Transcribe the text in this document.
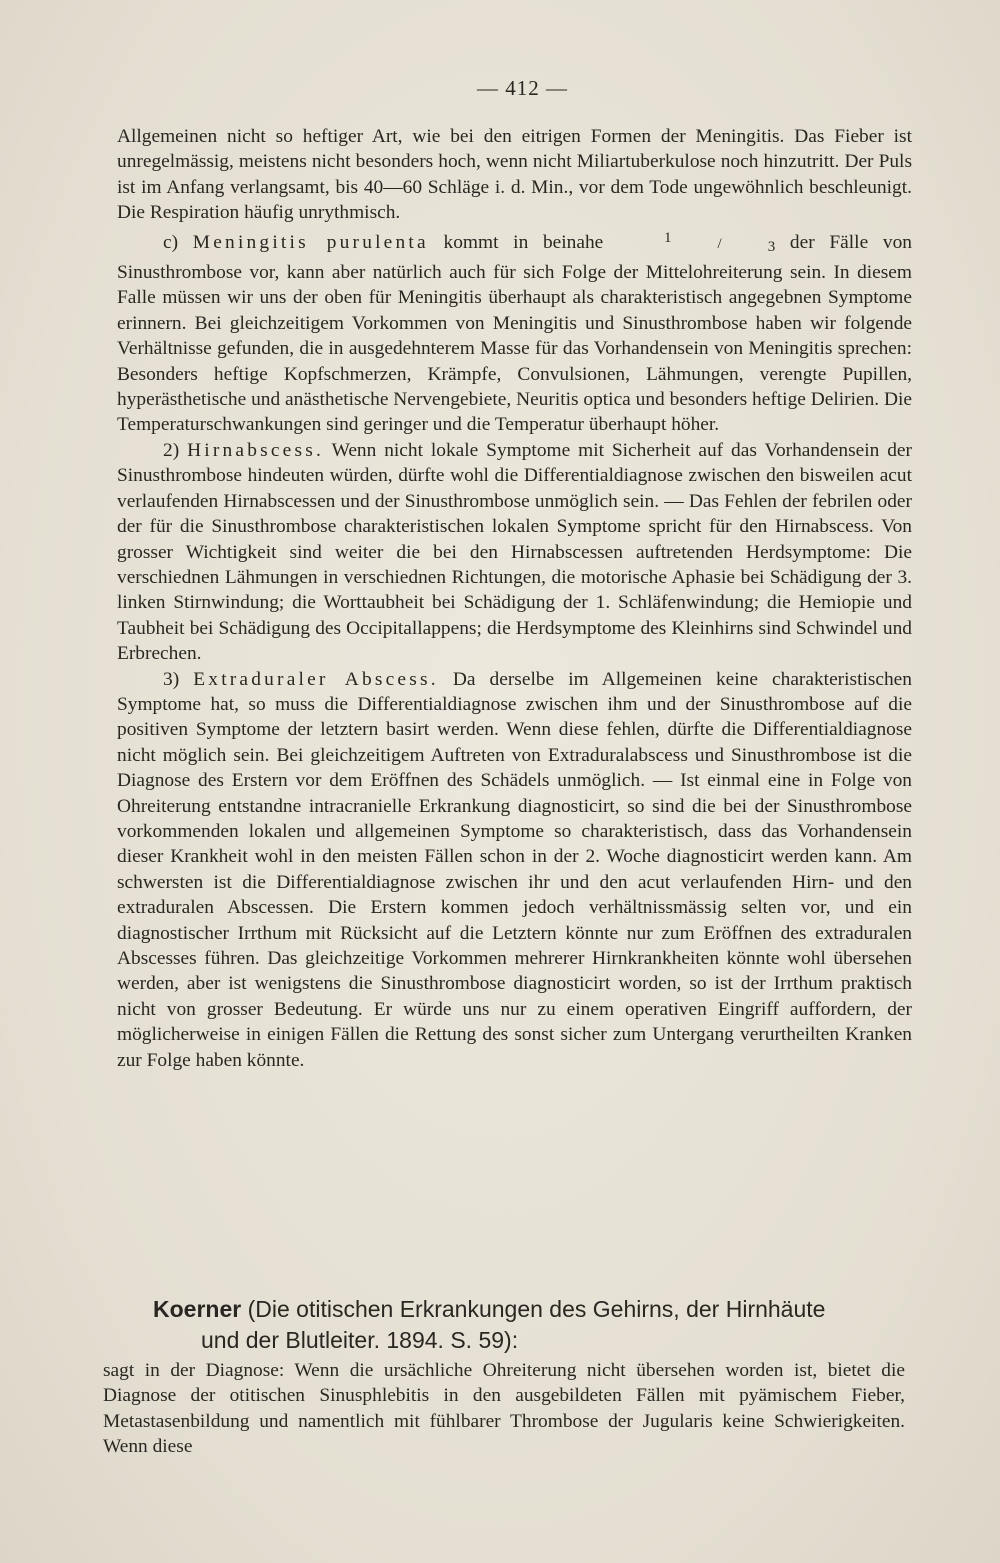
— 412 —

Allgemeinen nicht so heftiger Art, wie bei den eitrigen Formen der Meningitis. Das Fieber ist unregelmässig, meistens nicht besonders hoch, wenn nicht Miliartuberkulose noch hinzutritt. Der Puls ist im Anfang verlangsamt, bis 40—60 Schläge i. d. Min., vor dem Tode ungewöhnlich beschleunigt. Die Respiration häufig unrythmisch.

c) Meningitis purulenta kommt in beinahe	1	/	3 der Fälle von Sinusthrombose vor, kann aber natürlich auch für sich Folge der Mittelohreiterung sein. In diesem Falle müssen wir uns der oben für Meningitis überhaupt als charakteristisch angegebnen Symptome erinnern. Bei gleichzeitigem Vorkommen von Meningitis und Sinusthrombose haben wir folgende Verhältnisse gefunden, die in ausgedehnterem Masse für das Vorhandensein von Meningitis sprechen: Besonders heftige Kopfschmerzen, Krämpfe, Convulsionen, Lähmungen, verengte Pupillen, hyperästhetische und anästhetische Nervengebiete, Neuritis optica und besonders heftige Delirien. Die Temperaturschwankungen sind geringer und die Temperatur überhaupt höher.

2) Hirnabscess. Wenn nicht lokale Symptome mit Sicherheit auf das Vorhandensein der Sinusthrombose hindeuten würden, dürfte wohl die Differentialdiagnose zwischen den bisweilen acut verlaufenden Hirnabscessen und der Sinusthrombose unmöglich sein. — Das Fehlen der febrilen oder der für die Sinusthrombose charakteristischen lokalen Symptome spricht für den Hirnabscess. Von grosser Wichtigkeit sind weiter die bei den Hirnabscessen auftretenden Herdsymptome: Die verschiednen Lähmungen in verschiednen Richtungen, die motorische Aphasie bei Schädigung der 3. linken Stirnwindung; die Worttaubheit bei Schädigung der 1. Schläfenwindung; die Hemiopie und Taubheit bei Schädigung des Occipitallappens; die Herdsymptome des Kleinhirns sind Schwindel und Erbrechen.

3) Extraduraler Abscess. Da derselbe im Allgemeinen keine charakteristischen Symptome hat, so muss die Differentialdiagnose zwischen ihm und der Sinusthrombose auf die positiven Symptome der letztern basirt werden. Wenn diese fehlen, dürfte die Differentialdiagnose nicht möglich sein. Bei gleichzeitigem Auftreten von Extraduralabscess und Sinusthrombose ist die Diagnose des Erstern vor dem Eröffnen des Schädels unmöglich. — Ist einmal eine in Folge von Ohreiterung entstandne intracranielle Erkrankung diagnosticirt, so sind die bei der Sinusthrombose vorkommenden lokalen und allgemeinen Symptome so charakteristisch, dass das Vorhandensein dieser Krankheit wohl in den meisten Fällen schon in der 2. Woche diagnosticirt werden kann. Am schwersten ist die Differentialdiagnose zwischen ihr und den acut verlaufenden Hirn- und den extraduralen Abscessen. Die Erstern kommen jedoch verhältnissmässig selten vor, und ein diagnostischer Irrthum mit Rücksicht auf die Letztern könnte nur zum Eröffnen des extraduralen Abscesses führen. Das gleichzeitige Vorkommen mehrerer Hirnkrankheiten könnte wohl übersehen werden, aber ist wenigstens die Sinusthrombose diagnosticirt worden, so ist der Irrthum praktisch nicht von grosser Bedeutung. Er würde uns nur zu einem operativen Eingriff auffordern, der möglicherweise in einigen Fällen die Rettung des sonst sicher zum Untergang verurtheilten Kranken zur Folge haben könnte.

Koerner (Die otitischen Erkrankungen des Gehirns, der Hirnhäute

und der Blutleiter. 1894. S. 59):

sagt in der Diagnose: Wenn die ursächliche Ohreiterung nicht übersehen worden ist, bietet die Diagnose der otitischen Sinusphlebitis in den ausgebildeten Fällen mit pyämischem Fieber, Metastasenbildung und namentlich mit fühlbarer Thrombose der Jugularis keine Schwierigkeiten. Wenn diese
